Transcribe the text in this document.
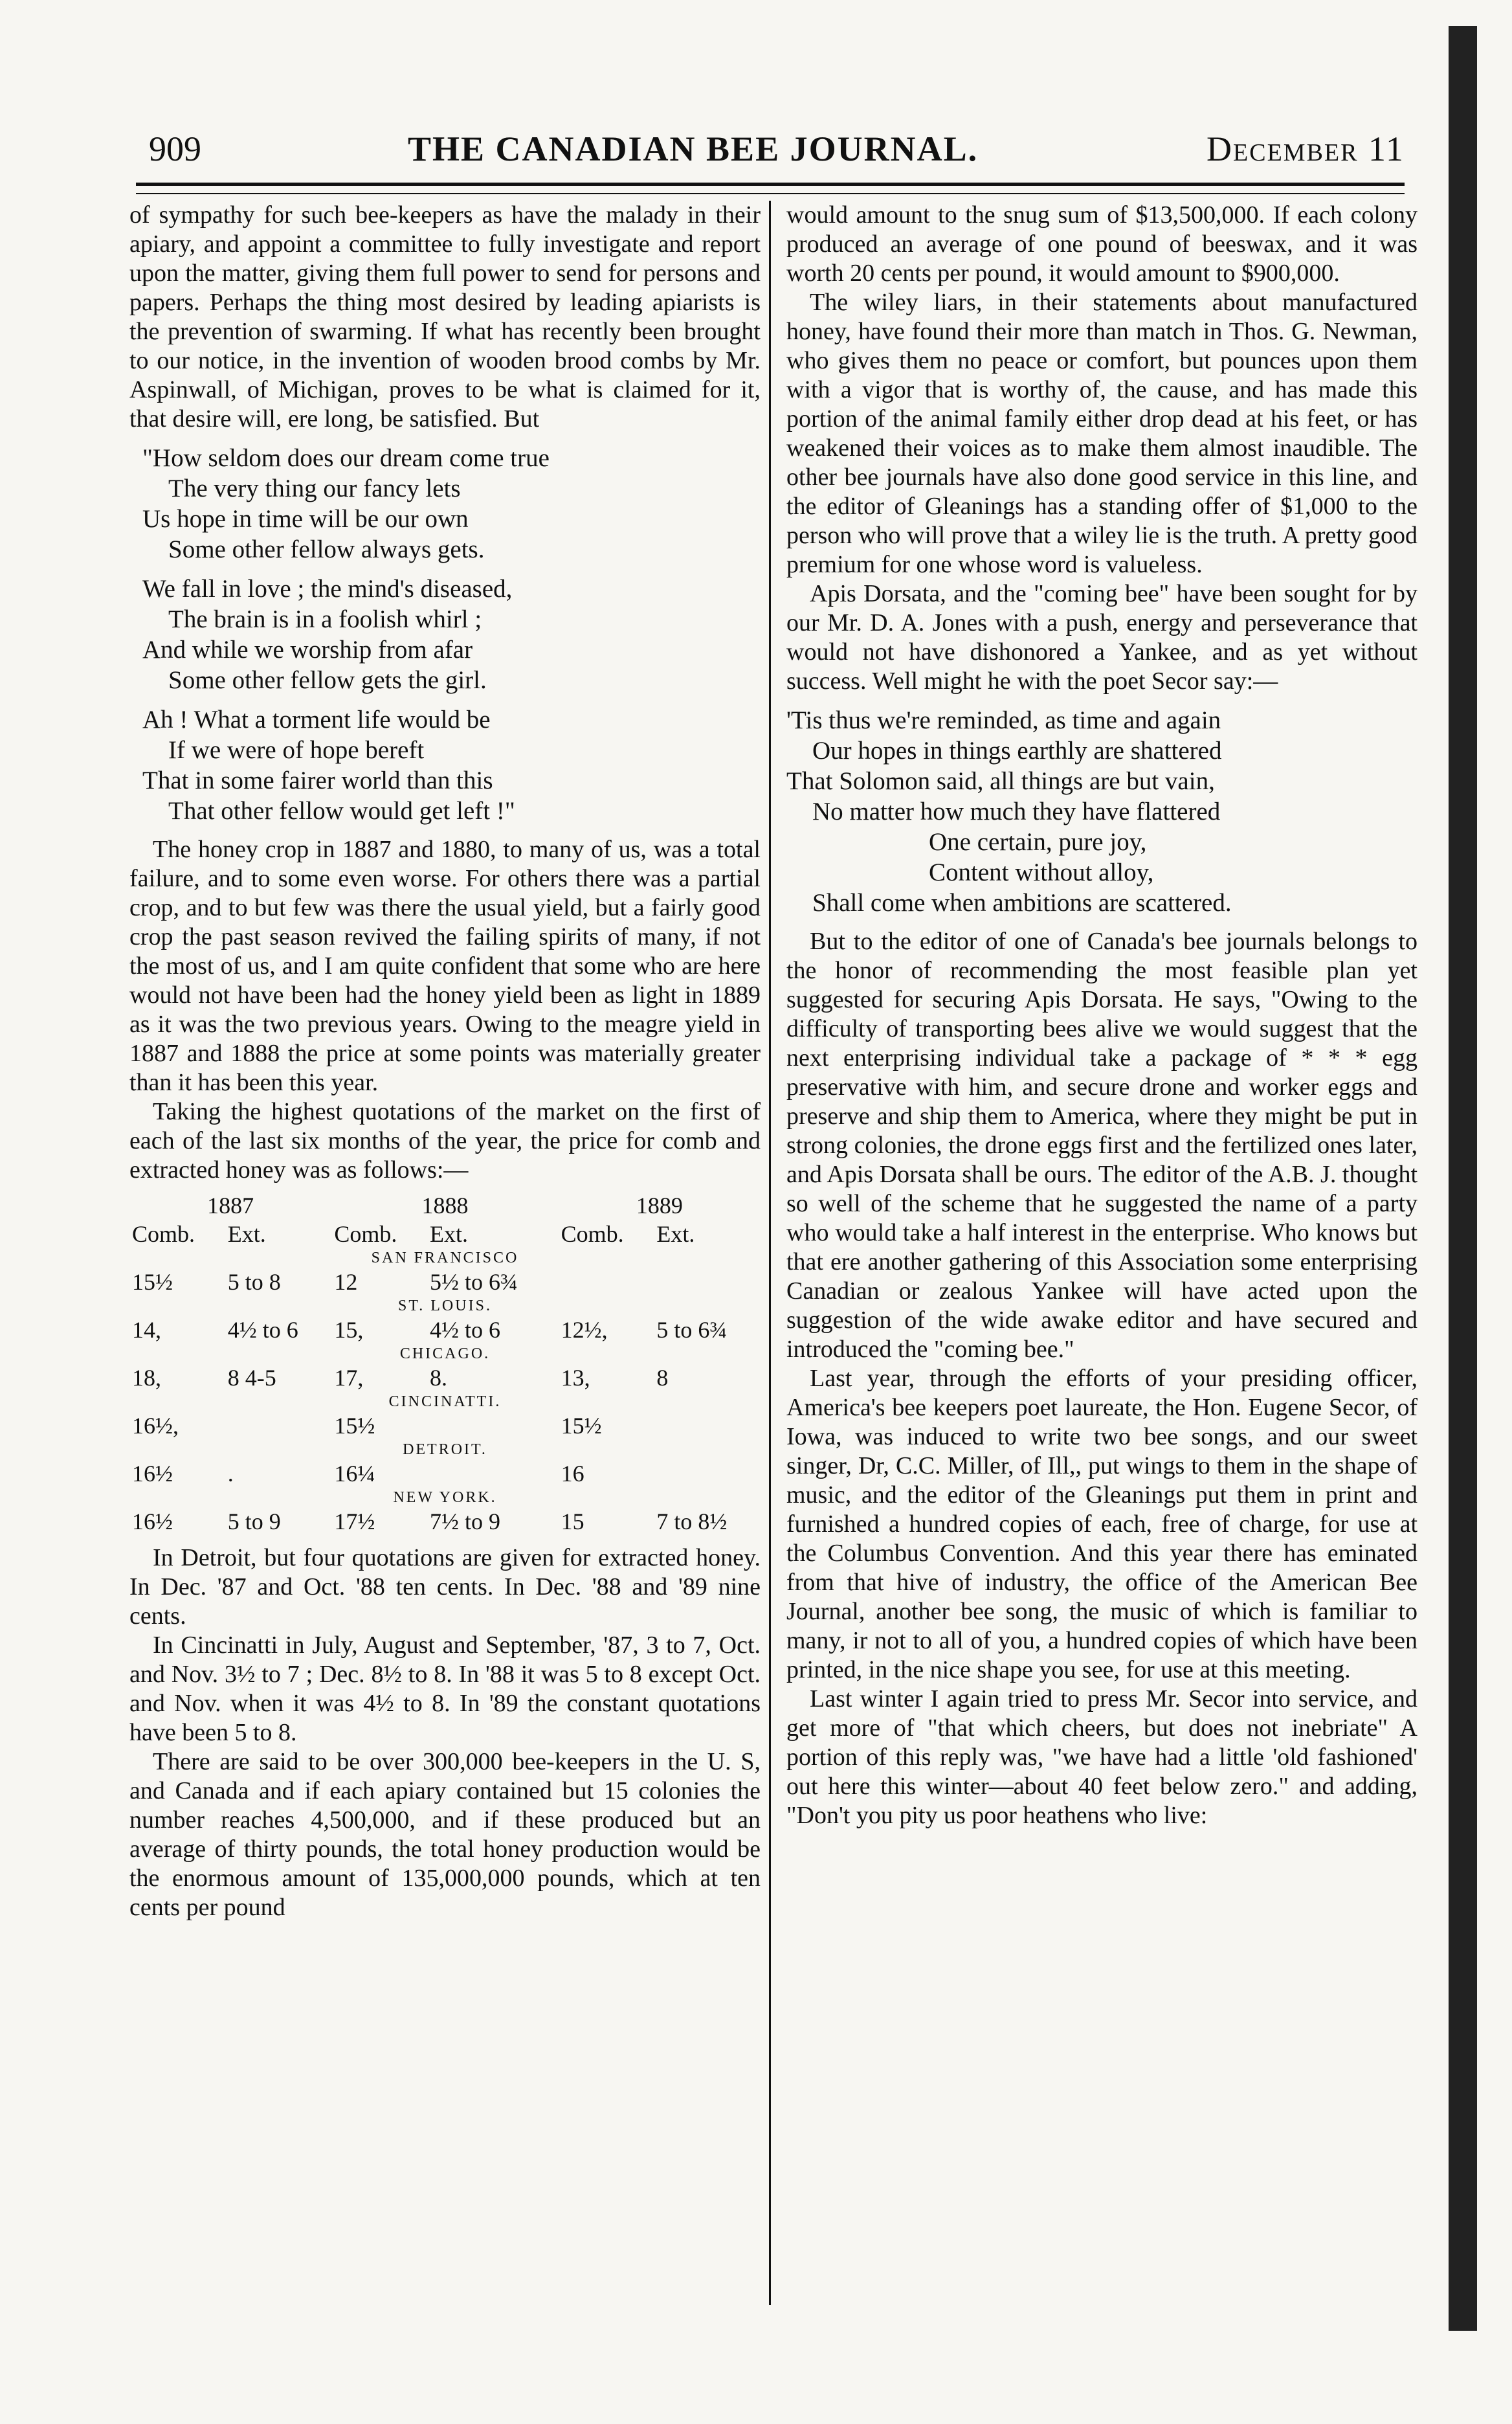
909	THE CANADIAN BEE JOURNAL.	December 11

of sympathy for such bee-keepers as have the malady in their apiary, and appoint a committee to fully investigate and report upon the matter, giving them full power to send for persons and papers. Perhaps the thing most desired by leading apiarists is the prevention of swarming. If what has recently been brought to our notice, in the invention of wooden brood combs by Mr. Aspinwall, of Michigan, proves to be what is claimed for it, that desire will, ere long, be satisfied. But

"How seldom does our dream come true
The very thing our fancy lets
Us hope in time will be our own
Some other fellow always gets.
We fall in love ; the mind's diseased,
The brain is in a foolish whirl ;
And while we worship from afar
Some other fellow gets the girl.
Ah ! What a torment life would be
If we were of hope bereft
That in some fairer world than this
That other fellow would get left !"

The honey crop in 1887 and 1880, to many of us, was a total failure, and to some even worse. For others there was a partial crop, and to but few was there the usual yield, but a fairly good crop the past season revived the failing spirits of many, if not the most of us, and I am quite confident that some who are here would not have been had the honey yield been as light in 1889 as it was the two previous years. Owing to the meagre yield in 1887 and 1888 the price at some points was materially greater than it has been this year.

Taking the highest quotations of the market on the first of each of the last six months of the year, the price for comb and extracted honey was as follows:—

1887		1888		1889	
Comb.	Ext.	Comb.	Ext.	Comb.	Ext.
SAN FRANCISCO					
15½	5 to 8	12	5½ to 6¾		
ST. LOUIS.					
14,	4½ to 6	15,	4½ to 6	12½,	5 to 6¾
CHICAGO.					
18,	8 4-5	17,	8.	13,	8
CINCINATTI.					
16½,		15½		15½	
DETROIT.					
16½	.	16¼		16	
NEW YORK.					
16½	5 to 9	17½	7½ to 9	15	7 to 8½

In Detroit, but four quotations are given for extracted honey. In Dec. '87 and Oct. '88 ten cents. In Dec. '88 and '89 nine cents.

In Cincinatti in July, August and September, '87, 3 to 7, Oct. and Nov. 3½ to 7 ; Dec. 8½ to 8. In '88 it was 5 to 8 except Oct. and Nov. when it was 4½ to 8. In '89 the constant quotations have been 5 to 8.

There are said to be over 300,000 bee-keepers in the U. S, and Canada and if each apiary contained but 15 colonies the number reaches 4,500,000, and if these produced but an average of thirty pounds, the total honey production would be the enormous amount of 135,000,000 pounds, which at ten cents per pound

would amount to the snug sum of $13,500,000. If each colony produced an average of one pound of beeswax, and it was worth 20 cents per pound, it would amount to $900,000.

The wiley liars, in their statements about manufactured honey, have found their more than match in Thos. G. Newman, who gives them no peace or comfort, but pounces upon them with a vigor that is worthy of, the cause, and has made this portion of the animal family either drop dead at his feet, or has weakened their voices as to make them almost inaudible. The other bee journals have also done good service in this line, and the editor of Gleanings has a standing offer of $1,000 to the person who will prove that a wiley lie is the truth. A pretty good premium for one whose word is valueless.

Apis Dorsata, and the "coming bee" have been sought for by our Mr. D. A. Jones with a push, energy and perseverance that would not have dishonored a Yankee, and as yet without success. Well might he with the poet Secor say:—

'Tis thus we're reminded, as time and again
Our hopes in things earthly are shattered
That Solomon said, all things are but vain,
No matter how much they have flattered
One certain, pure joy,
Content without alloy,
Shall come when ambitions are scattered.

But to the editor of one of Canada's bee journals belongs to the honor of recommending the most feasible plan yet suggested for securing Apis Dorsata. He says, "Owing to the difficulty of transporting bees alive we would suggest that the next enterprising individual take a package of * * * egg preservative with him, and secure drone and worker eggs and preserve and ship them to America, where they might be put in strong colonies, the drone eggs first and the fertilized ones later, and Apis Dorsata shall be ours. The editor of the A.B. J. thought so well of the scheme that he suggested the name of a party who would take a half interest in the enterprise. Who knows but that ere another gathering of this Association some enterprising Canadian or zealous Yankee will have acted upon the suggestion of the wide awake editor and have secured and introduced the "coming bee."

Last year, through the efforts of your presiding officer, America's bee keepers poet laureate, the Hon. Eugene Secor, of Iowa, was induced to write two bee songs, and our sweet singer, Dr, C.C. Miller, of Ill,, put wings to them in the shape of music, and the editor of the Gleanings put them in print and furnished a hundred copies of each, free of charge, for use at the Columbus Convention. And this year there has eminated from that hive of industry, the office of the American Bee Journal, another bee song, the music of which is familiar to many, ir not to all of you, a hundred copies of which have been printed, in the nice shape you see, for use at this meeting.

Last winter I again tried to press Mr. Secor into service, and get more of "that which cheers, but does not inebriate" A portion of this reply was, "we have had a little 'old fashioned' out here this winter—about 40 feet below zero." and adding, "Don't you pity us poor heathens who live:
